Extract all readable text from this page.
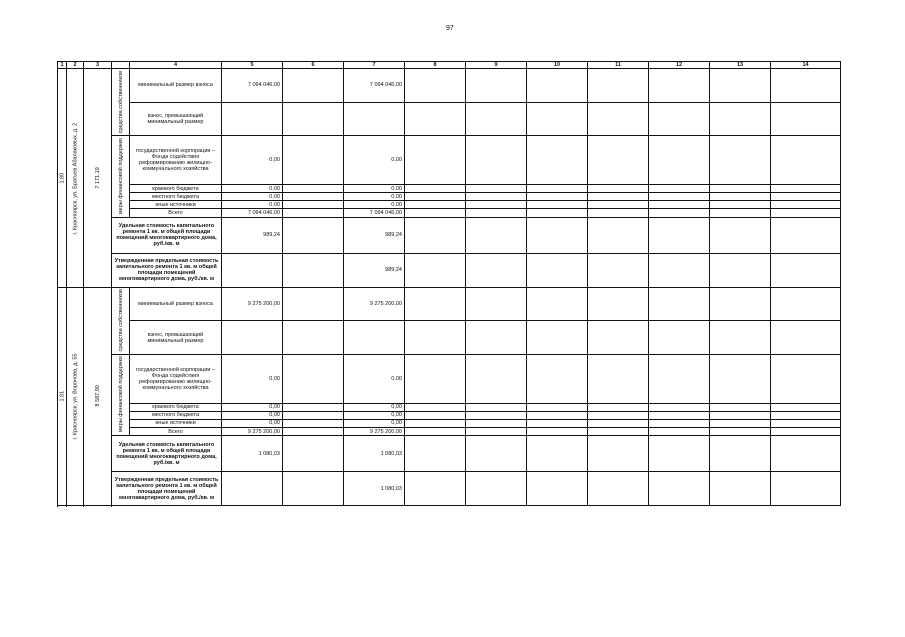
97
1	2	3		4	5	6	7	8	9	10	11	12	13	14	
1.80	г. Красноярск, ул. Братьев Абалаковых, д. 2	7 171,19	средства собственников	минимальный размер взноса	7 094 046,00		7 094 046,00								
				взнос, превышающий минимальный размер											
			меры финансовой поддержки	государственной корпорации – Фонда содействия реформированию жилищно-коммунального хозяйства	0,00		0,00								
				краевого бюджета	0,00		0,00								
				местного бюджета	0,00		0,00								
				иные источники	0,00		0,00								
				Всего	7 094 046,00		7 094 046,00								
			Удельная стоимость капитального ремонта 1 кв. м общей площади помещений многоквартирного дома, руб./кв. м		989,24		989,24								
			Утвержденная предельная стоимость капитального ремонта 1 кв. м общей площади помещений многоквартирного дома, руб./кв. м				989,24								

1.81	г. Красноярск, ул. Воронова, д. 55	8 587,90	средства собственников	минимальный размер взноса	9 275 200,00		9 275 200,00								
				взнос, превышающий минимальный размер											
			меры финансовой поддержки	государственной корпорации – Фонда содействия реформированию жилищно-коммунального хозяйства	0,00		0,00								
				краевого бюджета	0,00		0,00								
				местного бюджета	0,00		0,00								
				иные источники	0,00		0,00								
				Всего	9 275 200,00		9 275 200,00								
			Удельная стоимость капитального ремонта 1 кв. м общей площади помещений многоквартирного дома, руб./кв. м		1 080,03		1 080,03								
			Утвержденная предельная стоимость капитального ремонта 1 кв. м общей площади помещений многоквартирного дома, руб./кв. м				1 080,03								
